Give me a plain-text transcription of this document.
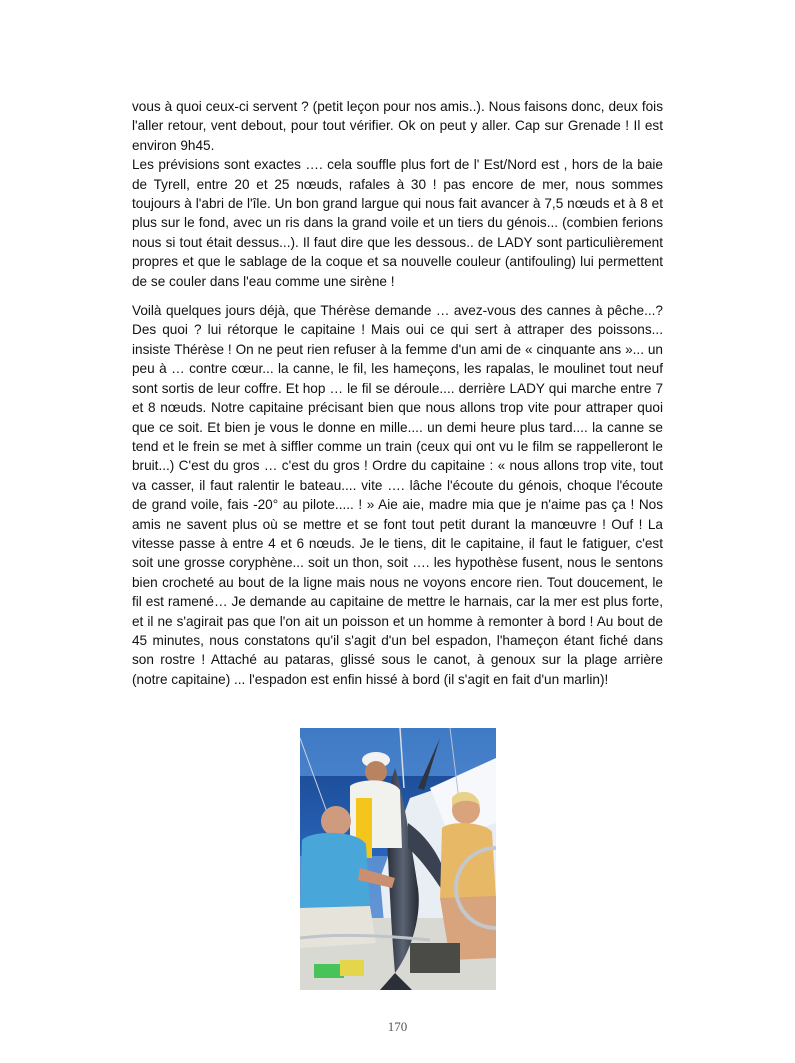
vous à quoi ceux-ci servent ? (petit leçon pour nos amis..). Nous faisons donc, deux fois l'aller retour, vent debout, pour tout vérifier. Ok on peut y aller. Cap sur Grenade ! Il est environ 9h45.

Les prévisions sont exactes …. cela souffle plus fort de l' Est/Nord est , hors de la baie de Tyrell, entre 20 et 25 nœuds, rafales à 30 ! pas encore de mer, nous sommes toujours à l'abri de l'île. Un bon grand largue qui nous fait avancer à 7,5 nœuds et à 8 et plus sur le fond, avec un ris dans la grand voile et un tiers du génois... (combien ferions nous si tout était dessus...). Il faut dire que les dessous.. de LADY sont particulièrement propres et que le sablage de la coque et sa nouvelle couleur (antifouling) lui permettent de se couler dans l'eau comme une sirène !

Voilà quelques jours déjà, que Thérèse demande … avez-vous des cannes à pêche...? Des quoi ? lui rétorque le capitaine ! Mais oui ce qui sert à attraper des poissons... insiste Thérèse ! On ne peut rien refuser à la femme d'un ami de « cinquante ans »... un peu à … contre cœur... la canne, le fil, les hameçons, les rapalas, le moulinet tout neuf sont sortis de leur coffre. Et hop … le fil se déroule.... derrière LADY qui marche entre 7 et 8 nœuds. Notre capitaine précisant bien que nous allons trop vite pour attraper quoi que ce soit. Et bien je vous le donne en mille.... un demi heure plus tard.... la canne se tend et le frein se met à siffler comme un train (ceux qui ont vu le film se rappelleront le bruit...) C'est du gros … c'est du gros ! Ordre du capitaine : « nous allons trop vite, tout va casser, il faut ralentir le bateau.... vite …. lâche l'écoute du génois, choque l'écoute de grand voile, fais -20° au pilote..... ! » Aie aie, madre mia que je n'aime pas ça ! Nos amis ne savent plus où se mettre et se font tout petit durant la manœuvre ! Ouf ! La vitesse passe à entre 4 et 6 nœuds. Je le tiens, dit le capitaine, il faut le fatiguer, c'est soit une grosse coryphène... soit un thon, soit …. les hypothèse fusent, nous le sentons bien crocheté au bout de la ligne mais nous ne voyons encore rien. Tout doucement, le fil est ramené… Je demande au capitaine de mettre le harnais, car la mer est plus forte, et il ne s'agirait pas que l'on ait un poisson et un homme à remonter à bord ! Au bout de 45 minutes, nous constatons qu'il s'agit d'un bel espadon, l'hameçon étant fiché dans son rostre ! Attaché au pataras, glissé sous le canot, à genoux sur la plage arrière (notre capitaine) ... l'espadon est enfin hissé à bord (il s'agit en fait d'un marlin)!

170
